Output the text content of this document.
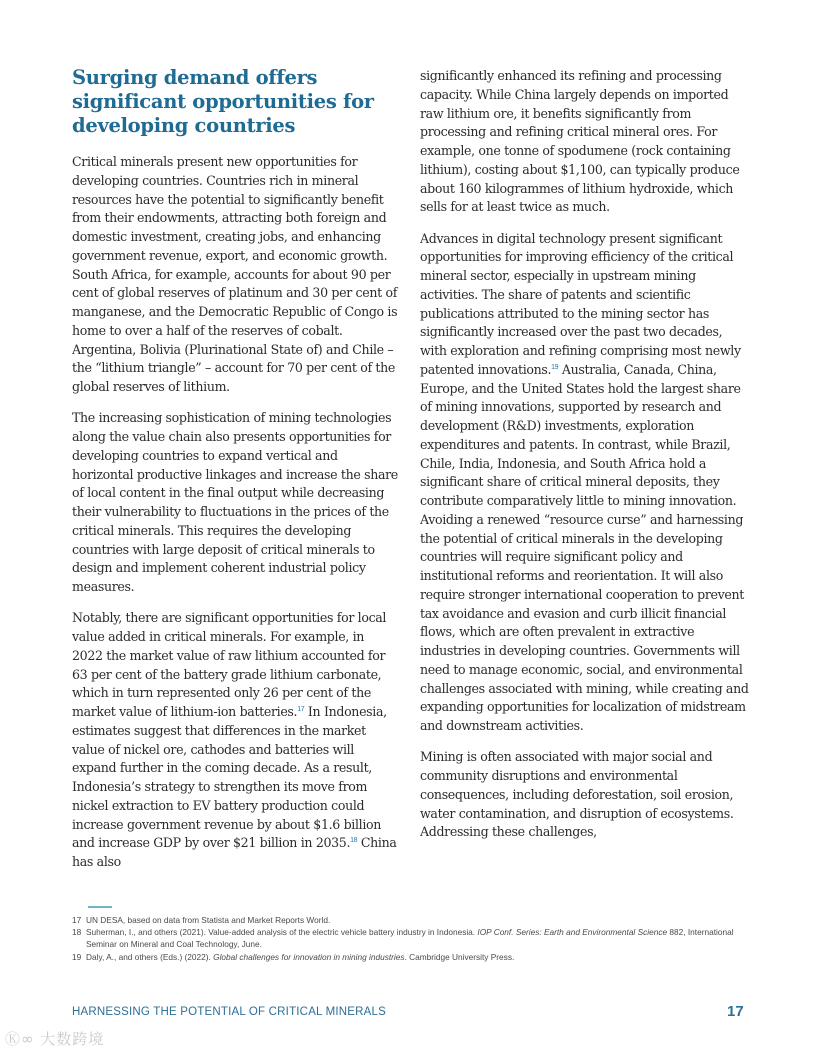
Surging demand offers significant opportunities for developing countries

Critical minerals present new opportunities for developing countries. Countries rich in mineral resources have the potential to significantly benefit from their endowments, attracting both foreign and domestic investment, creating jobs, and enhancing government revenue, export, and economic growth. South Africa, for example, accounts for about 90 per cent of global reserves of platinum and 30 per cent of manganese, and the Democratic Republic of Congo is home to over a half of the reserves of cobalt. Argentina, Bolivia (Plurinational State of) and Chile – the “lithium triangle” – account for 70 per cent of the global reserves of lithium.

The increasing sophistication of mining technologies along the value chain also presents opportunities for developing countries to expand vertical and horizontal productive linkages and increase the share of local content in the final output while decreasing their vulnerability to fluctuations in the prices of the critical minerals. This requires the developing countries with large deposit of critical minerals to design and implement coherent industrial policy measures.

Notably, there are significant opportunities for local value added in critical minerals. For example, in 2022 the market value of raw lithium accounted for 63 per cent of the battery grade lithium carbonate, which in turn represented only 26 per cent of the market value of lithium-ion batteries.$^{17}$ In Indonesia, estimates suggest that differences in the market value of nickel ore, cathodes and batteries will expand further in the coming decade. As a result, Indonesia’s strategy to strengthen its move from nickel extraction to EV battery production could increase government revenue by about $1.6 billion and increase GDP by over $21 billion in 2035.18 China has also

significantly enhanced its refining and processing capacity. While China largely depends on imported raw lithium ore, it benefits significantly from processing and refining critical mineral ores. For example, one tonne of spodumene (rock containing lithium), costing about $1,100, can typically produce about 160 kilogrammes of lithium hydroxide, which sells for at least twice as much.

Advances in digital technology present significant opportunities for improving efficiency of the critical mineral sector, especially in upstream mining activities. The share of patents and scientific publications attributed to the mining sector has significantly increased over the past two decades, with exploration and refining comprising most newly patented innovations.$^{19}$ Australia, Canada, China, Europe, and the United States hold the largest share of mining innovations, supported by research and development (R&D) investments, exploration expenditures and patents. In contrast, while Brazil, Chile, India, Indonesia, and South Africa hold a significant share of critical mineral deposits, they contribute comparatively little to mining innovation. Avoiding a renewed “resource curse” and harnessing the potential of critical minerals in the developing countries will require significant policy and institutional reforms and reorientation. It will also require stronger international cooperation to prevent tax avoidance and evasion and curb illicit financial flows, which are often prevalent in extractive industries in developing countries. Governments will need to manage economic, social, and environmental challenges associated with mining, while creating and expanding opportunities for localization of midstream and downstream activities.

Mining is often associated with major social and community disruptions and environmental consequences, including deforestation, soil erosion, water contamination, and disruption of ecosystems. Addressing these challenges,

17 UN DESA, based on data from Statista and Market Reports World.
18 Suherman, I., and others (2021). Value-added analysis of the electric vehicle battery industry in Indonesia. IOP Conf. Series: Earth and Environmental Science 882, International Seminar on Mineral and Coal Technology, June.
19 Daly, A., and others (Eds.) (2022). Global challenges for innovation in mining industries. Cambridge University Press.
HARNESSING THE POTENTIAL OF CRITICAL MINERALS	17
Ⓚ∞ 大数跨境
